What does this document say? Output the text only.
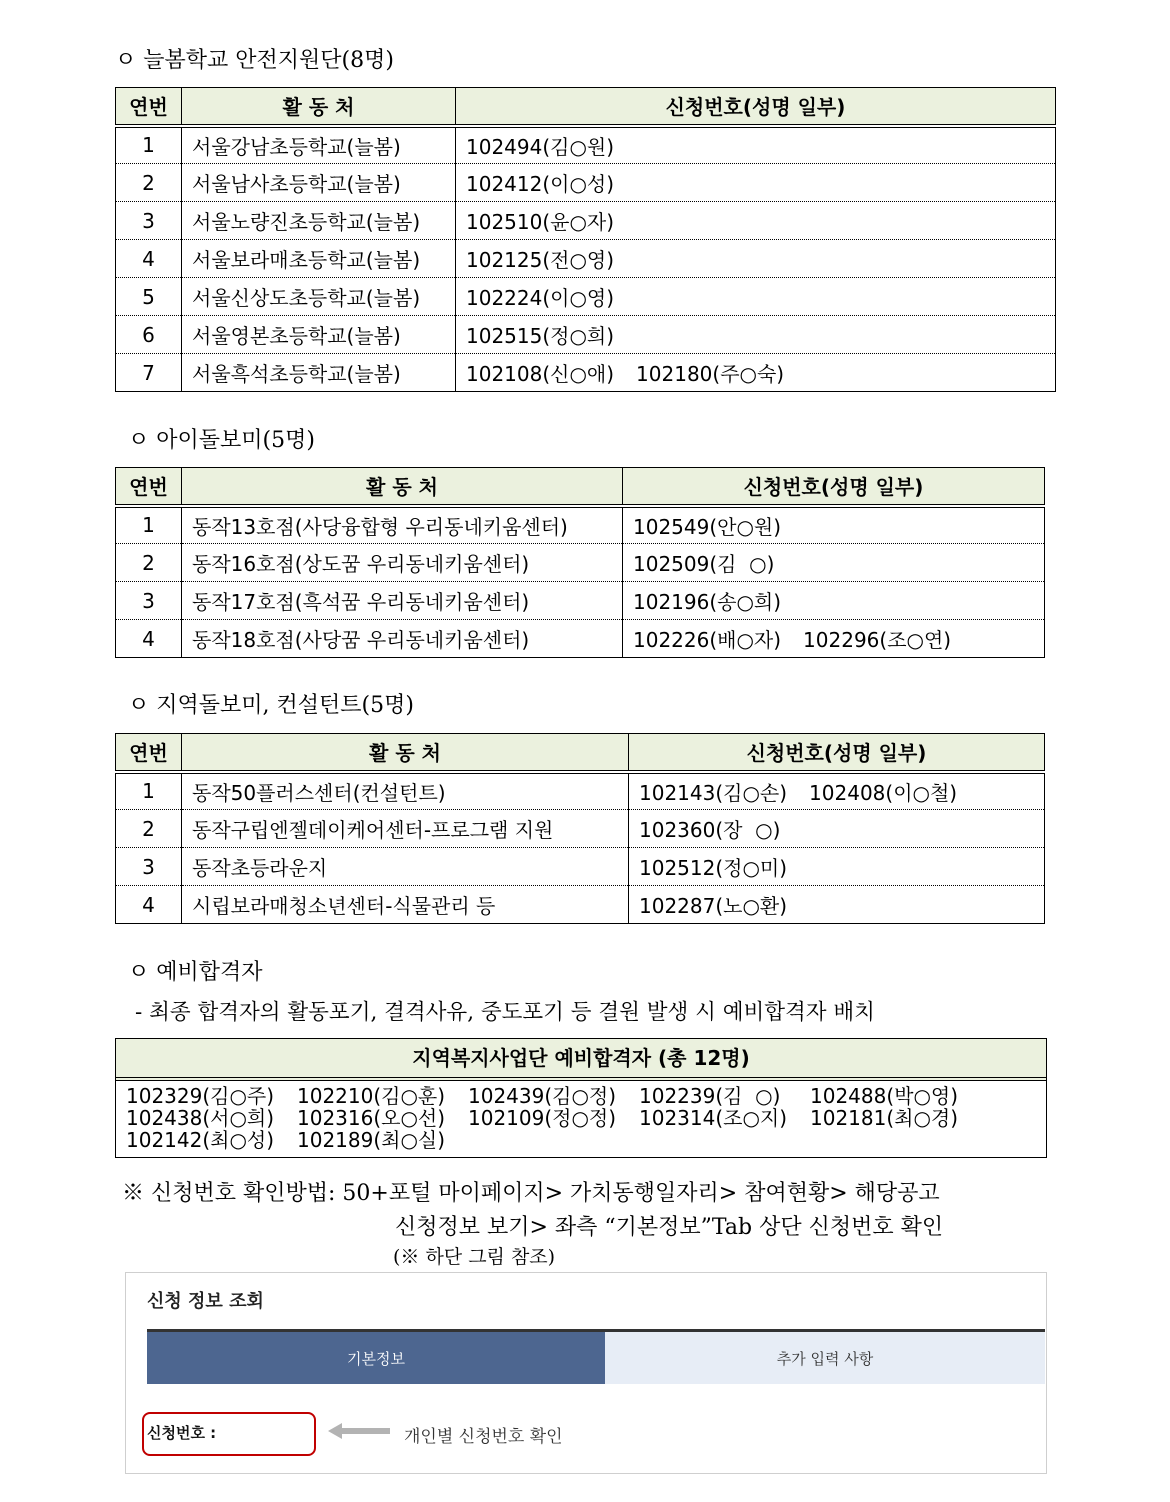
ㅇ 늘봄학교 안전지원단(8명)
연번	활 동 처	신청번호(성명 일부)
1	서울강남초등학교(늘봄)	102494(김○원)
2	서울남사초등학교(늘봄)	102412(이○성)
3	서울노량진초등학교(늘봄)	102510(윤○자)
4	서울보라매초등학교(늘봄)	102125(전○영)
5	서울신상도초등학교(늘봄)	102224(이○영)
6	서울영본초등학교(늘봄)	102515(정○희)
7	서울흑석초등학교(늘봄)	102108(신○애) 102180(주○숙)
ㅇ 아이돌보미(5명)
연번	활 동 처	신청번호(성명 일부)
1	동작13호점(사당융합형 우리동네키움센터)	102549(안○원)
2	동작16호점(상도꿈 우리동네키움센터)	102509(김  ○)
3	동작17호점(흑석꿈 우리동네키움센터)	102196(송○희)
4	동작18호점(사당꿈 우리동네키움센터)	102226(배○자) 102296(조○연)
ㅇ 지역돌보미, 컨설턴트(5명)
연번	활 동 처	신청번호(성명 일부)
1	동작50플러스센터(컨설턴트)	102143(김○손) 102408(이○철)
2	동작구립엔젤데이케어센터-프로그램 지원	102360(장  ○)
3	동작초등라운지	102512(정○미)
4	시립보라매청소년센터-식물관리 등	102287(노○환)
ㅇ 예비합격자
- 최종 합격자의 활동포기, 결격사유, 중도포기 등 결원 발생 시 예비합격자 배치
지역복지사업단 예비합격자 (총 12명)
102329(김○주)	102210(김○훈)	102439(김○정)	102239(김  ○)	102488(박○영)
102438(서○희)	102316(오○선)	102109(정○정)	102314(조○지)	102181(최○경)
102142(최○성)	102189(최○실)
※ 신청번호 확인방법: 50+포털 마이페이지> 가치동행일자리> 참여현황> 해당공고
신청정보 보기> 좌측 “기본정보”Tab 상단 신청번호 확인
(※ 하단 그림 참조)
신청 정보 조회
기본정보	추가 입력 사항
신청번호 :	개인별 신청번호 확인
